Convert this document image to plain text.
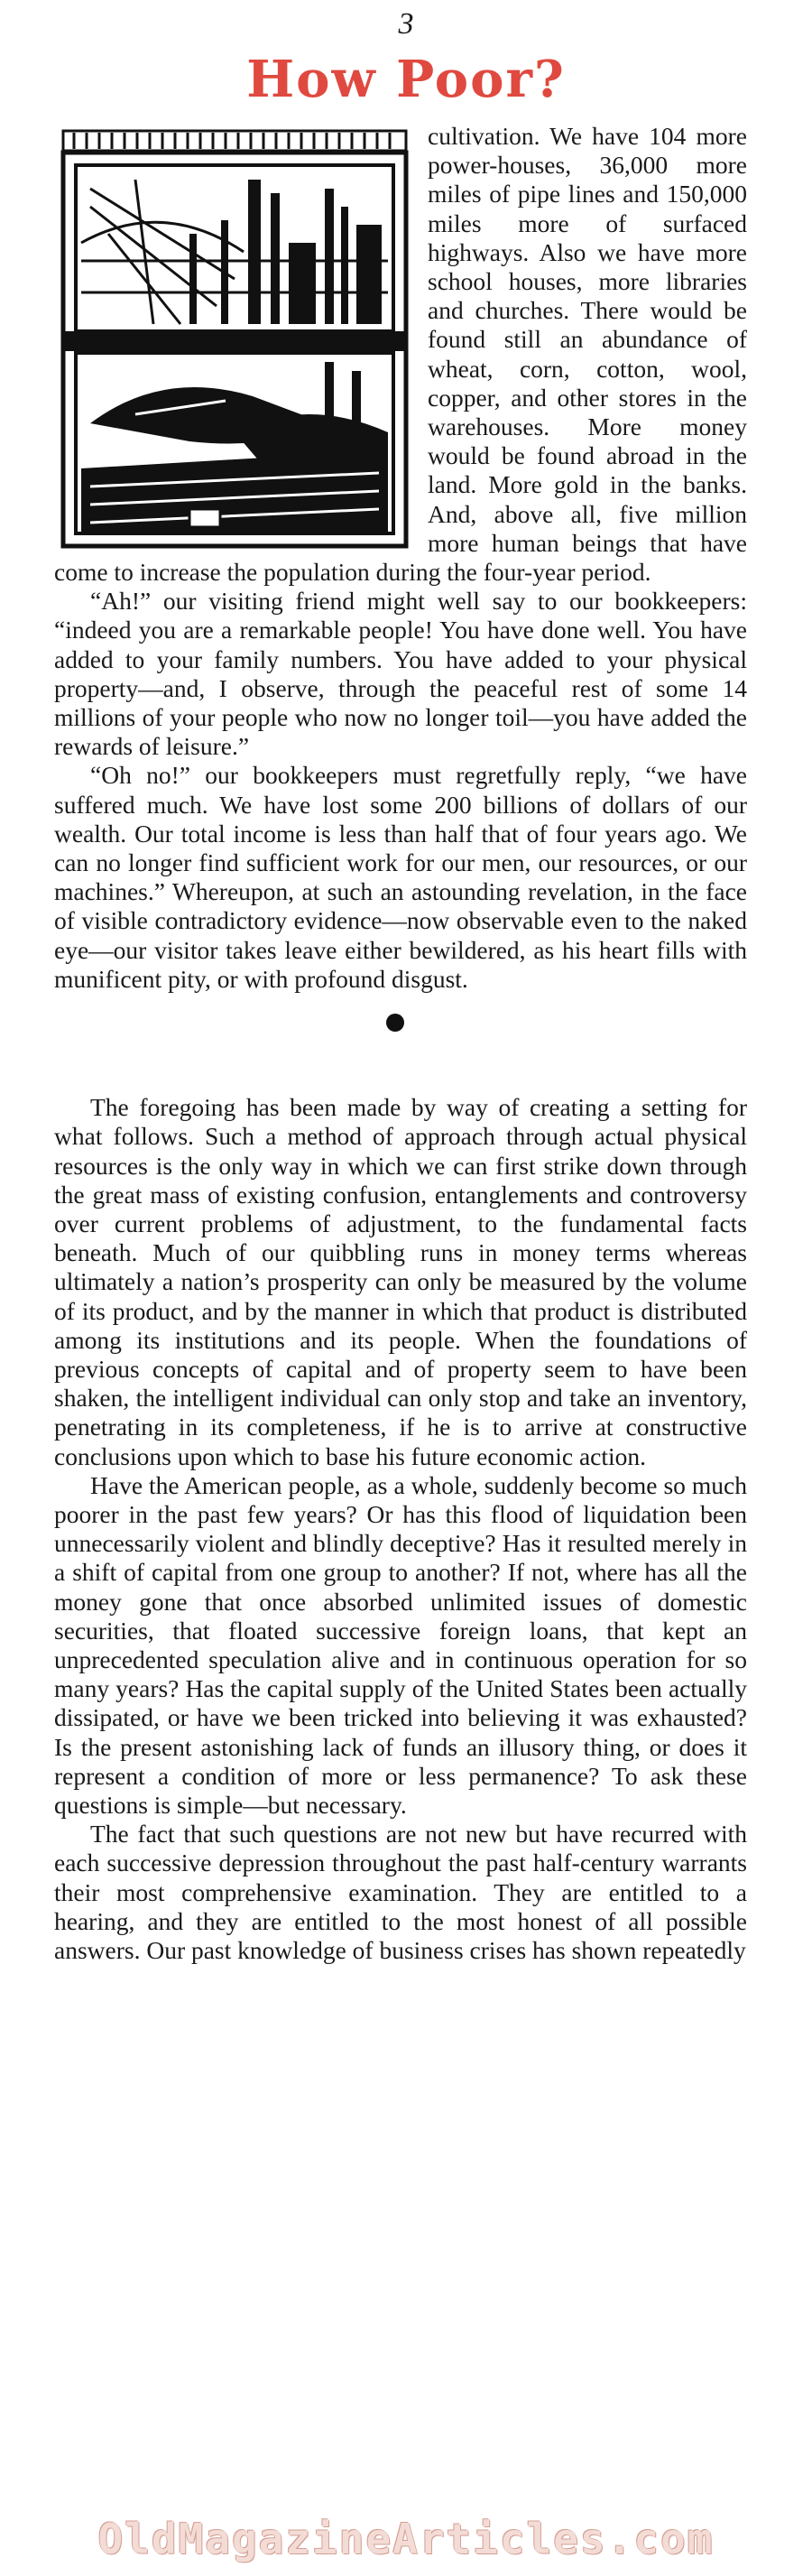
3
How Poor?

cultivation. We have 104 more power-houses, 36,000 more miles of pipe lines and 150,000 miles more of surfaced highways. Also we have more school houses, more libraries and churches. There would be found still an abundance of wheat, corn, cotton, wool, copper, and other stores in the warehouses. More money would be found abroad in the land. More gold in the banks. And, above all, five million more human beings that have come to increase the population during the four-year period.

“Ah!” our visiting friend might well say to our bookkeepers: “indeed you are a remarkable people! You have done well. You have added to your family numbers. You have added to your physical property—and, I observe, through the peaceful rest of some 14 millions of your people who now no longer toil—you have added the rewards of leisure.”

“Oh no!” our bookkeepers must regretfully reply, “we have suffered much. We have lost some 200 billions of dollars of our wealth. Our total income is less than half that of four years ago. We can no longer find sufficient work for our men, our resources, or our machines.” Whereupon, at such an astounding revelation, in the face of visible contradictory evidence—now observable even to the naked eye—our visitor takes leave either bewildered, as his heart fills with munificent pity, or with profound disgust.

The foregoing has been made by way of creating a setting for what follows. Such a method of approach through actual physical resources is the only way in which we can first strike down through the great mass of existing confusion, entanglements and controversy over current problems of adjustment, to the fundamental facts beneath. Much of our quibbling runs in money terms whereas ultimately a nation’s prosperity can only be measured by the volume of its product, and by the manner in which that product is distributed among its institutions and its people. When the foundations of previous concepts of capital and of property seem to have been shaken, the intelligent individual can only stop and take an inventory, penetrating in its completeness, if he is to arrive at constructive conclusions upon which to base his future economic action.

Have the American people, as a whole, suddenly become so much poorer in the past few years? Or has this flood of liquidation been unnecessarily violent and blindly deceptive? Has it resulted merely in a shift of capital from one group to another? If not, where has all the money gone that once absorbed unlimited issues of domestic securities, that floated successive foreign loans, that kept an unprecedented speculation alive and in continuous operation for so many years? Has the capital supply of the United States been actually dissipated, or have we been tricked into believing it was exhausted? Is the present astonishing lack of funds an illusory thing, or does it represent a condition of more or less permanence? To ask these questions is simple—but necessary.

The fact that such questions are not new but have recurred with each successive depression throughout the past half-century warrants their most comprehensive examination. They are entitled to a hearing, and they are entitled to the most honest of all possible answers. Our past knowledge of business crises has shown repeatedly

OldMagazineArticles.com
